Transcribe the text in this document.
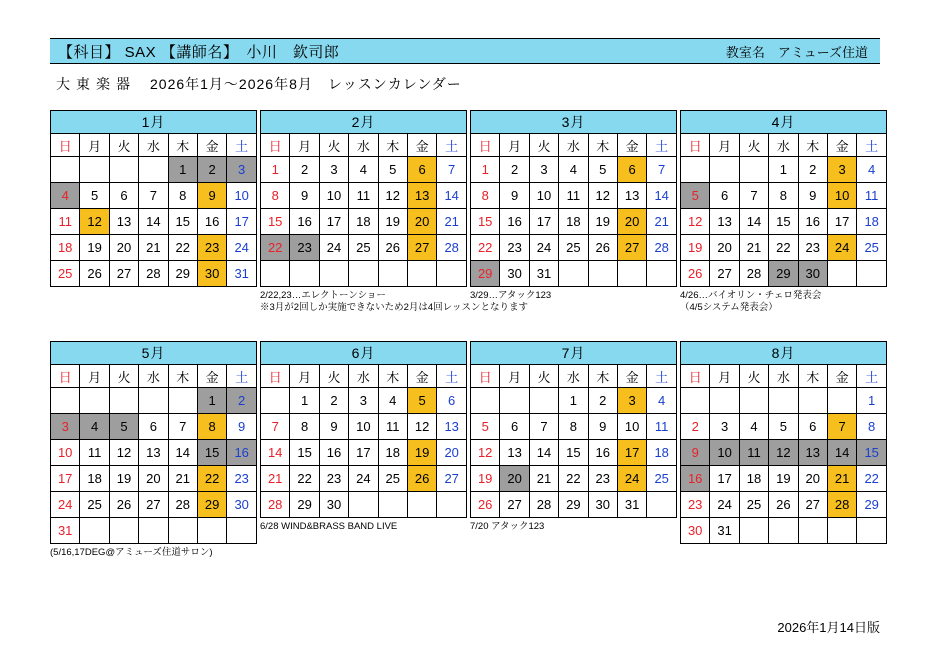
【科目】 SAX 【講師名】　小川　欽司郎	教室名　アミューズ住道
大東楽器 2026年1月～2026年8月　レッスンカレンダー
1月						
日	月	火	水	木	金	土
				1	2	3
4	5	6	7	8	9	10
11	12	13	14	15	16	17
18	19	20	21	22	23	24
25	26	27	28	29	30	31
2月						
日	月	火	水	木	金	土
1	2	3	4	5	6	7
8	9	10	11	12	13	14
15	16	17	18	19	20	21
22	23	24	25	26	27	28

2/22,23…エレクトーンショー
※3月が2回しか実施できないため2月は4回レッスンとなります
3月						
日	月	火	水	木	金	土
1	2	3	4	5	6	7
8	9	10	11	12	13	14
15	16	17	18	19	20	21
22	23	24	25	26	27	28
29	30	31				
3/29…アタック123
4月						
日	月	火	水	木	金	土
			1	2	3	4
5	6	7	8	9	10	11
12	13	14	15	16	17	18
19	20	21	22	23	24	25
26	27	28	29	30		
4/26…バイオリン・チェロ発表会
（4/5システム発表会）
5月						
日	月	火	水	木	金	土
					1	2
3	4	5	6	7	8	9
10	11	12	13	14	15	16
17	18	19	20	21	22	23
24	25	26	27	28	29	30
31						
(5/16,17DEG@アミューズ住道サロン)
6月						
日	月	火	水	木	金	土
	1	2	3	4	5	6
7	8	9	10	11	12	13
14	15	16	17	18	19	20
21	22	23	24	25	26	27
28	29	30				
6/28 WIND&BRASS BAND LIVE
7月						
日	月	火	水	木	金	土
			1	2	3	4
5	6	7	8	9	10	11
12	13	14	15	16	17	18
19	20	21	22	23	24	25
26	27	28	29	30	31	
7/20 アタック123
8月						
日	月	火	水	木	金	土
						1
2	3	4	5	6	7	8
9	10	11	12	13	14	15
16	17	18	19	20	21	22
23	24	25	26	27	28	29
30	31					
2026年1月14日版
